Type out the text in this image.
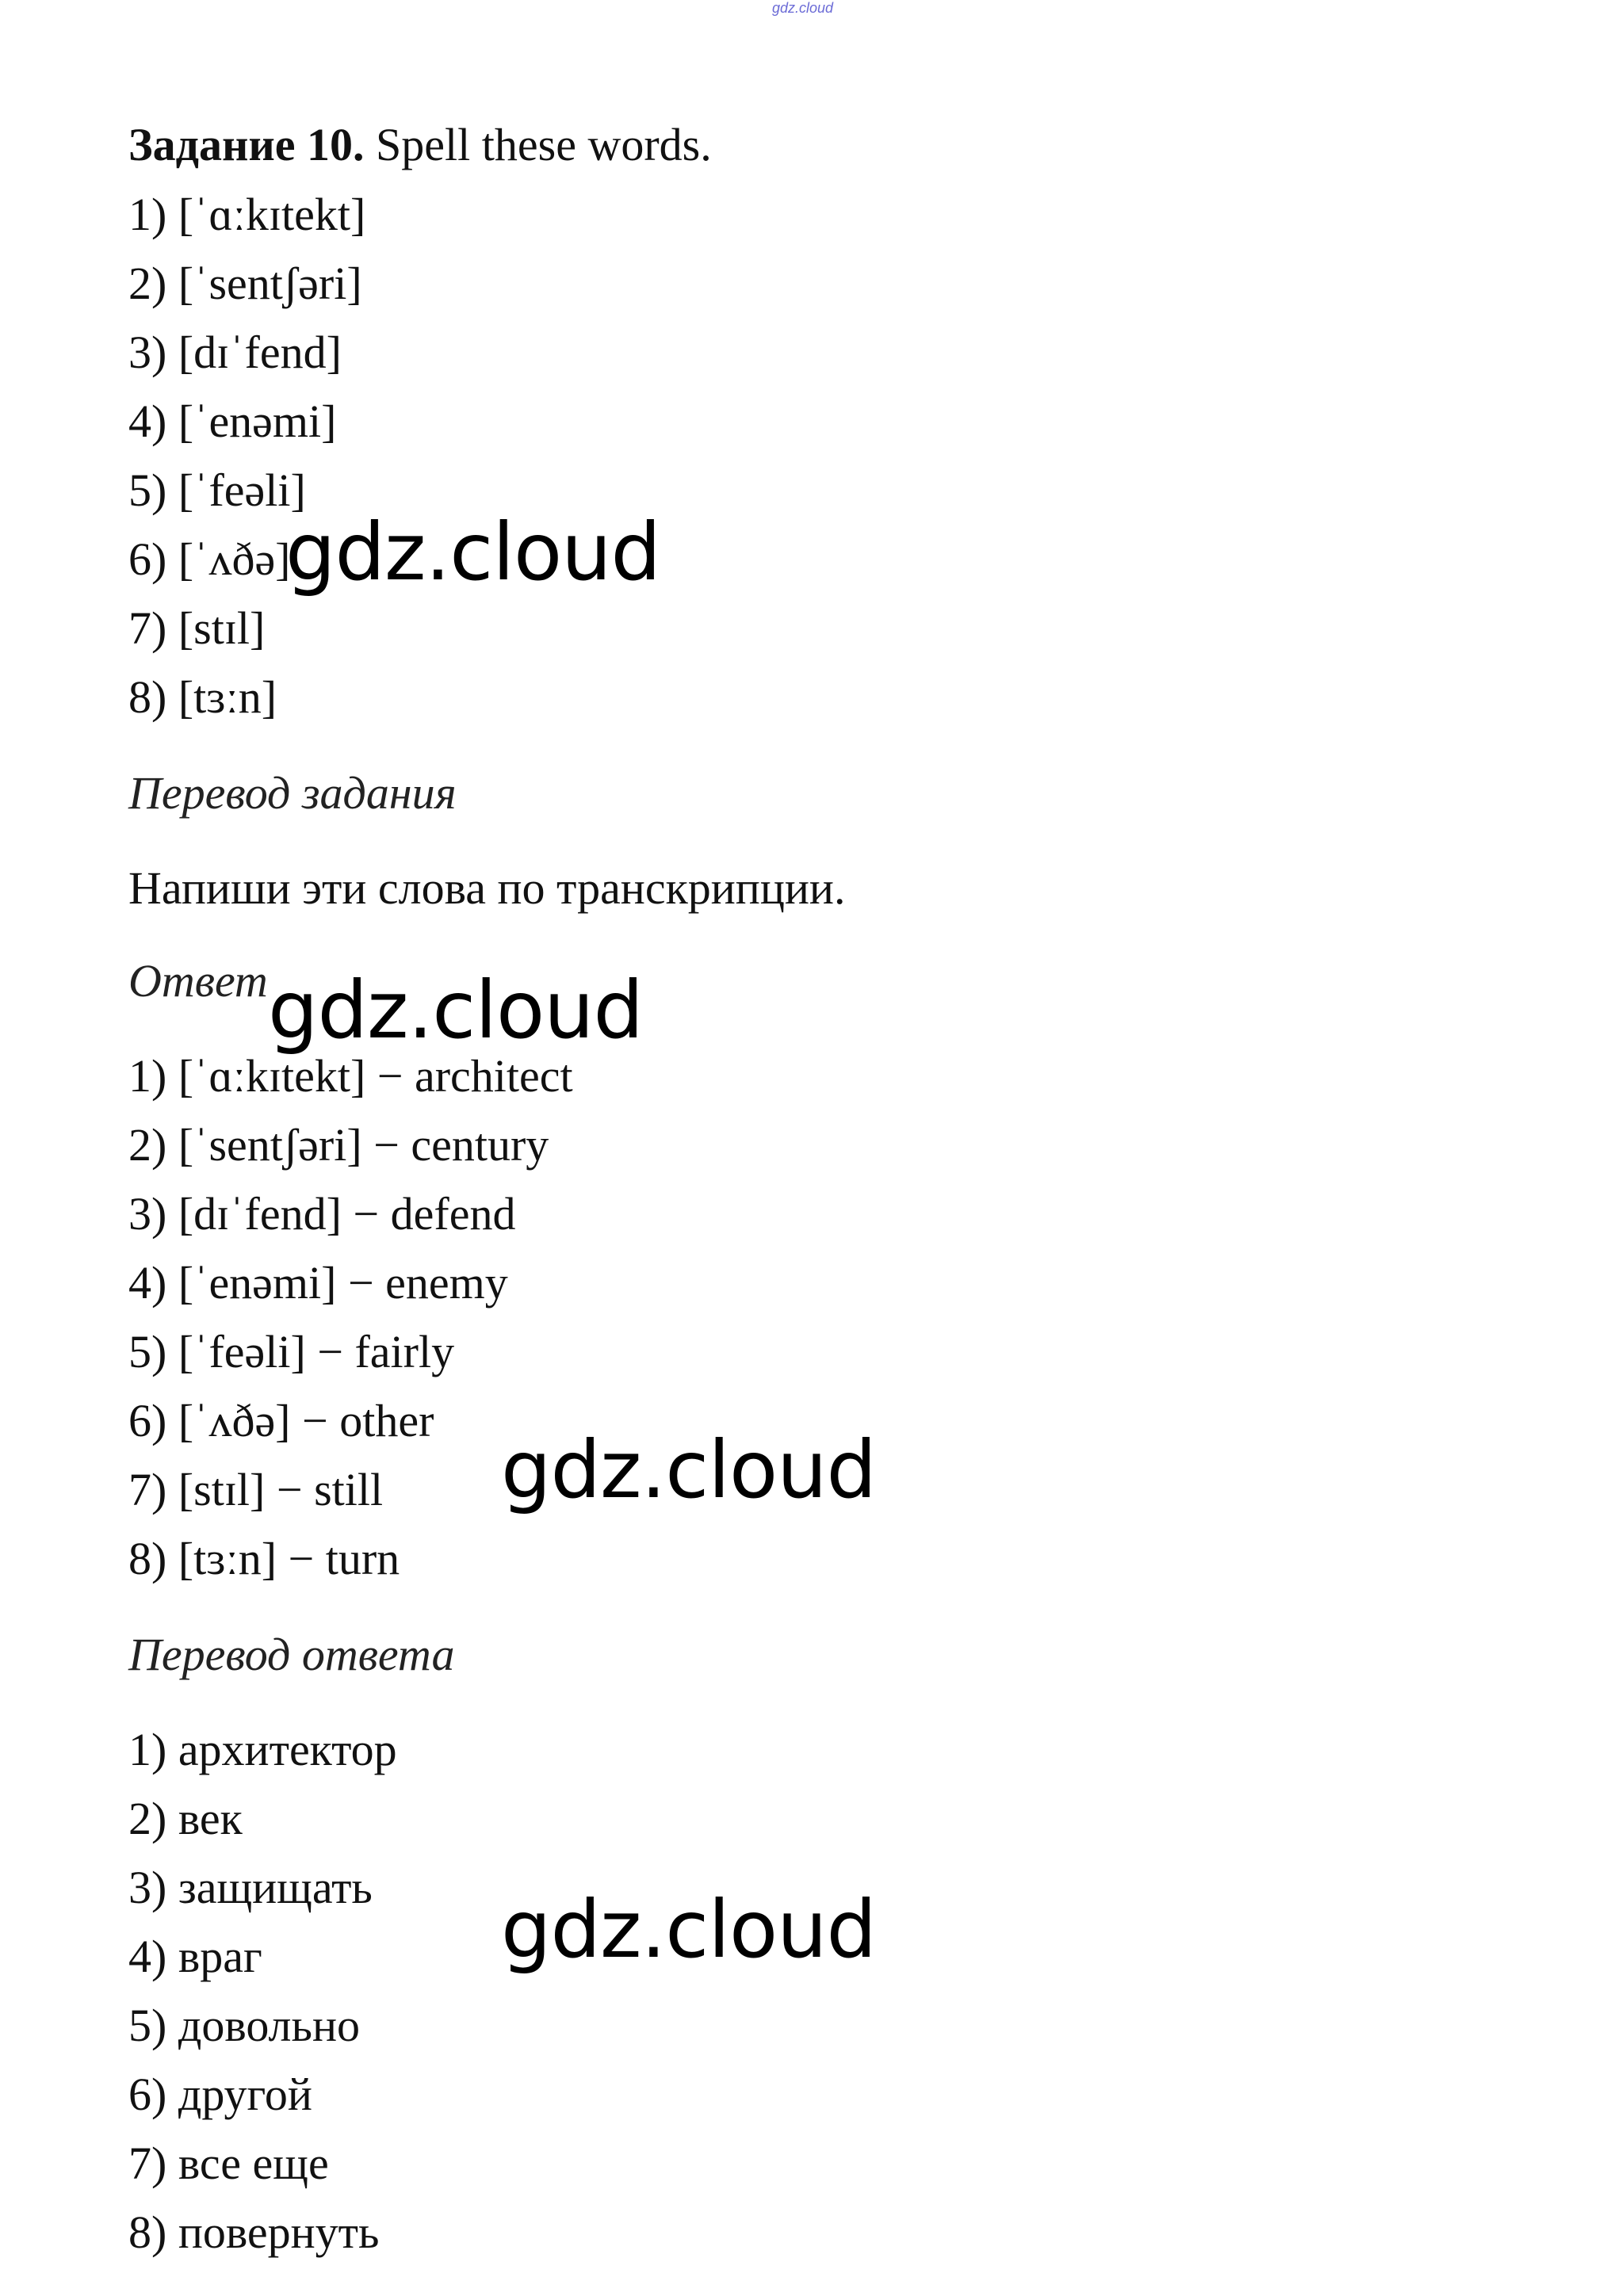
gdz.cloud
Задание 10. Spell these words.
1) [ˈɑːkɪtekt]
2) [ˈsentʃəri]
3) [dɪˈfend]
4) [ˈenəmi]
5) [ˈfeəli]
6) [ˈʌðə]
7) [stɪl]
8) [tɜːn]
Перевод задания
Напиши эти слова по транскрипции.
Ответ
1) [ˈɑːkɪtekt] − architect
2) [ˈsentʃəri] − century
3) [dɪˈfend] − defend
4) [ˈenəmi] − enemy
5) [ˈfeəli] − fairly
6) [ˈʌðə] − other
7) [stɪl] − still
8) [tɜːn] − turn
Перевод ответа
1) архитектор
2) век
3) защищать
4) враг
5) довольно
6) другой
7) все еще
8) повернуть
gdz.cloud
gdz.cloud
gdz.cloud
gdz.cloud
